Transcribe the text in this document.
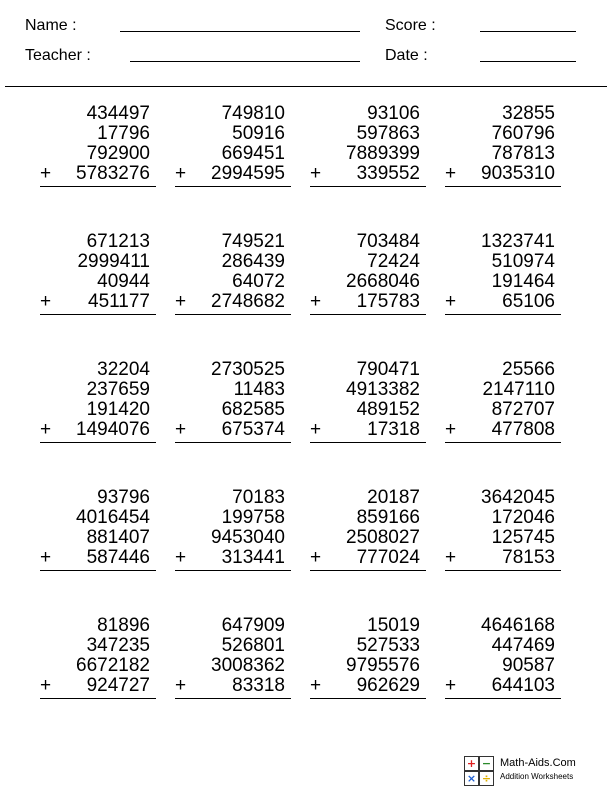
Name :	Score :
Teacher :	Date :
434497
17796
792900
+ 5783276
749810
50916
669451
+ 2994595
93106
597863
7889399
+ 339552
32855
760796
787813
+ 9035310
671213
2999411
40944
+ 451177
749521
286439
64072
+ 2748682
703484
72424
2668046
+ 175783
1323741
510974
191464
+ 65106
32204
237659
191420
+ 1494076
2730525
11483
682585
+ 675374
790471
4913382
489152
+ 17318
25566
2147110
872707
+ 477808
93796
4016454
881407
+ 587446
70183
199758
9453040
+ 313441
20187
859166
2508027
+ 777024
3642045
172046
125745
+ 78153
81896
347235
6672182
+ 924727
647909
526801
3008362
+ 83318
15019
527533
9795576
+ 962629
4646168
447469
90587
+ 644103
+ −
× ÷
Math-Aids.Com
Addition Worksheets
